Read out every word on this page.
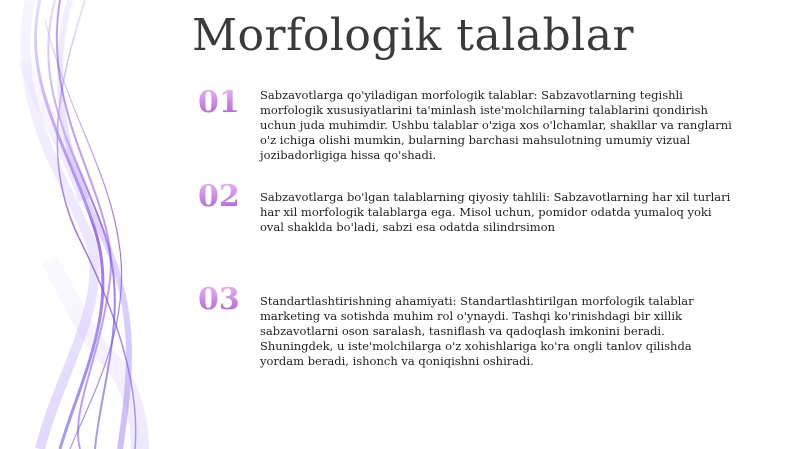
Morfologik talablar
01 Sabzavotlarga qo'yiladigan morfologik talablar: Sabzavotlarning tegishli morfologik xususiyatlarini ta'minlash iste'molchilarning talablarini qondirish uchun juda muhimdir. Ushbu talablar o'ziga xos o'lchamlar, shakllar va ranglarni o'z ichiga olishi mumkin, bularning barchasi mahsulotning umumiy vizual jozibadorligiga hissa qo'shadi.

02 Sabzavotlarga bo'lgan talablarning qiyosiy tahlili: Sabzavotlarning har xil turlari har xil morfologik talablarga ega. Misol uchun, pomidor odatda yumaloq yoki oval shaklda bo'ladi, sabzi esa odatda silindrsimon

03 Standartlashtirishning ahamiyati: Standartlashtirilgan morfologik talablar marketing va sotishda muhim rol o'ynaydi. Tashqi ko'rinishdagi bir xillik sabzavotlarni oson saralash, tasniflash va qadoqlash imkonini beradi. Shuningdek, u iste'molchilarga o'z xohishlariga ko'ra ongli tanlov qilishda yordam beradi, ishonch va qoniqishni oshiradi.
